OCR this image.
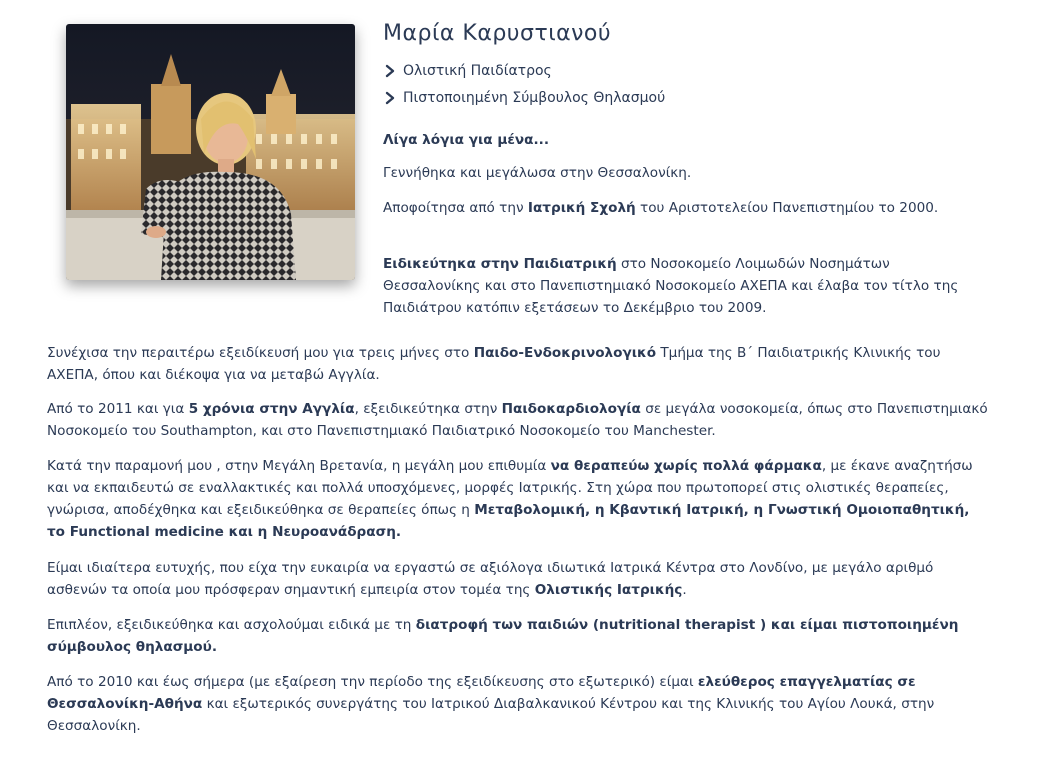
Μαρία Καρυστιανού
Ολιστική Παιδίατρος
Πιστοποιημένη Σύμβουλος Θηλασμού

Λίγα λόγια για μένα...

Γεννήθηκα και μεγάλωσα στην Θεσσαλονίκη.

Αποφοίτησα από την Ιατρική Σχολή του Αριστοτελείου Πανεπιστημίου το 2000.

Ειδικεύτηκα στην Παιδιατρική στο Νοσοκομείο Λοιμωδών Νοσημάτων Θεσσαλονίκης και στο Πανεπιστημιακό Νοσοκομείο ΑΧΕΠΑ και έλαβα τον τίτλο της Παιδιάτρου κατόπιν εξετάσεων το Δεκέμβριο του 2009.

Συνέχισα την περαιτέρω εξειδίκευσή μου για τρεις μήνες στο Παιδο-Ενδοκρινολογικό Τμήμα της Β΄ Παιδιατρικής Κλινικής του ΑΧΕΠΑ, όπου και διέκοψα για να μεταβώ Αγγλία.

Από το 2011 και για 5 χρόνια στην Αγγλία, εξειδικεύτηκα στην Παιδοκαρδιολογία σε μεγάλα νοσοκομεία, όπως στο Πανεπιστημιακό Νοσοκομείο του Southampton, και στο Πανεπιστημιακό Παιδιατρικό Νοσοκομείο του Manchester.

Κατά την παραμονή μου , στην Μεγάλη Βρετανία, η μεγάλη μου επιθυμία να θεραπεύω χωρίς πολλά φάρμακα, με έκανε αναζητήσω και να εκπαιδευτώ σε εναλλακτικές και πολλά υποσχόμενες, μορφές Ιατρικής. Στη χώρα που πρωτοπορεί στις ολιστικές θεραπείες, γνώρισα, αποδέχθηκα και εξειδικεύθηκα σε θεραπείες όπως η Μεταβολομική, η Κβαντική Ιατρική, η Γνωστική Ομοιοπαθητική, το Functional medicine και η Νευροανάδραση.

Είμαι ιδιαίτερα ευτυχής, που είχα την ευκαιρία να εργαστώ σε αξιόλογα ιδιωτικά Ιατρικά Κέντρα στο Λονδίνο, με μεγάλο αριθμό ασθενών τα οποία μου πρόσφεραν σημαντική εμπειρία στον τομέα της Ολιστικής Ιατρικής.

Επιπλέον, εξειδικεύθηκα και ασχολούμαι ειδικά με τη διατροφή των παιδιών (nutritional therapist ) και είμαι πιστοποιημένη σύμβουλος θηλασμού.

Από το 2010 και έως σήμερα (με εξαίρεση την περίοδο της εξειδίκευσης στο εξωτερικό) είμαι ελεύθερος επαγγελματίας σε Θεσσαλονίκη-Αθήνα και εξωτερικός συνεργάτης του Ιατρικού Διαβαλκανικού Κέντρου και της Κλινικής του Αγίου Λουκά, στην Θεσσαλονίκη.
